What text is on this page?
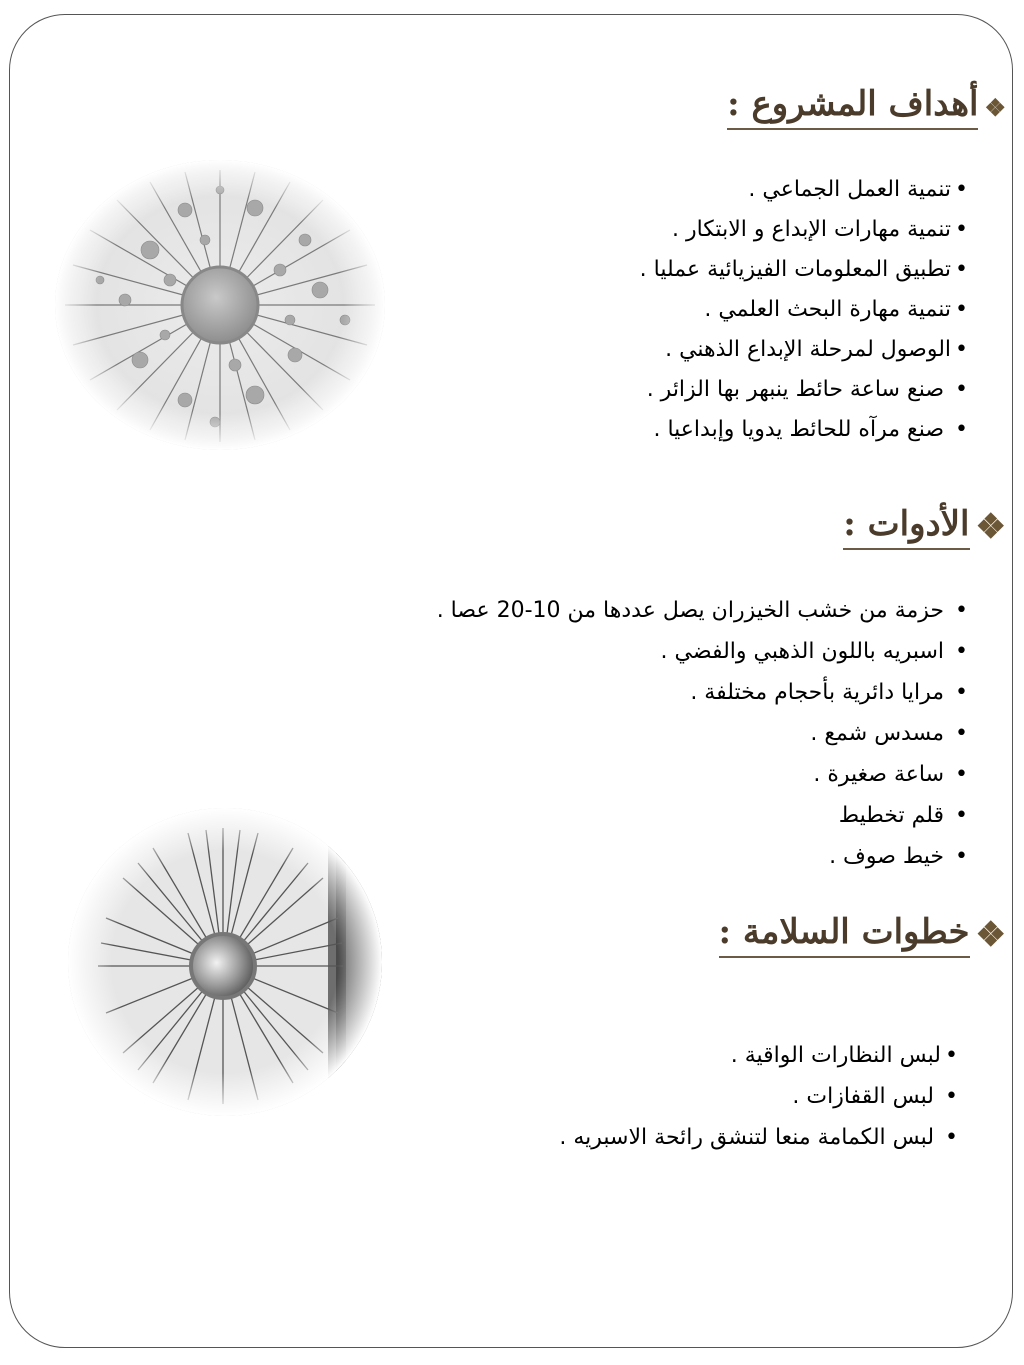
❖
أهداف المشروع :
• تنمية العمل الجماعي .
• تنمية مهارات الإبداع و الابتكار .
• تطبيق المعلومات الفيزيائية عمليا .
• تنمية مهارة البحث العلمي .
• الوصول لمرحلة الإبداع الذهني .
• صنع ساعة حائط ينبهر بها الزائر .
• صنع مرآه للحائط يدويا وإبداعيا .
❖
الأدوات :
• حزمة من خشب الخيزران يصل عددها من 10-20 عصا .
• اسبريه باللون الذهبي والفضي .
• مرايا دائرية بأحجام مختلفة .
• مسدس شمع .
• ساعة صغيرة .
• قلم تخطيط
• خيط صوف .
❖
خطوات السلامة :
• لبس النظارات الواقية .
• لبس القفازات .
• لبس الكمامة منعا لتنشق رائحة الاسبريه .
